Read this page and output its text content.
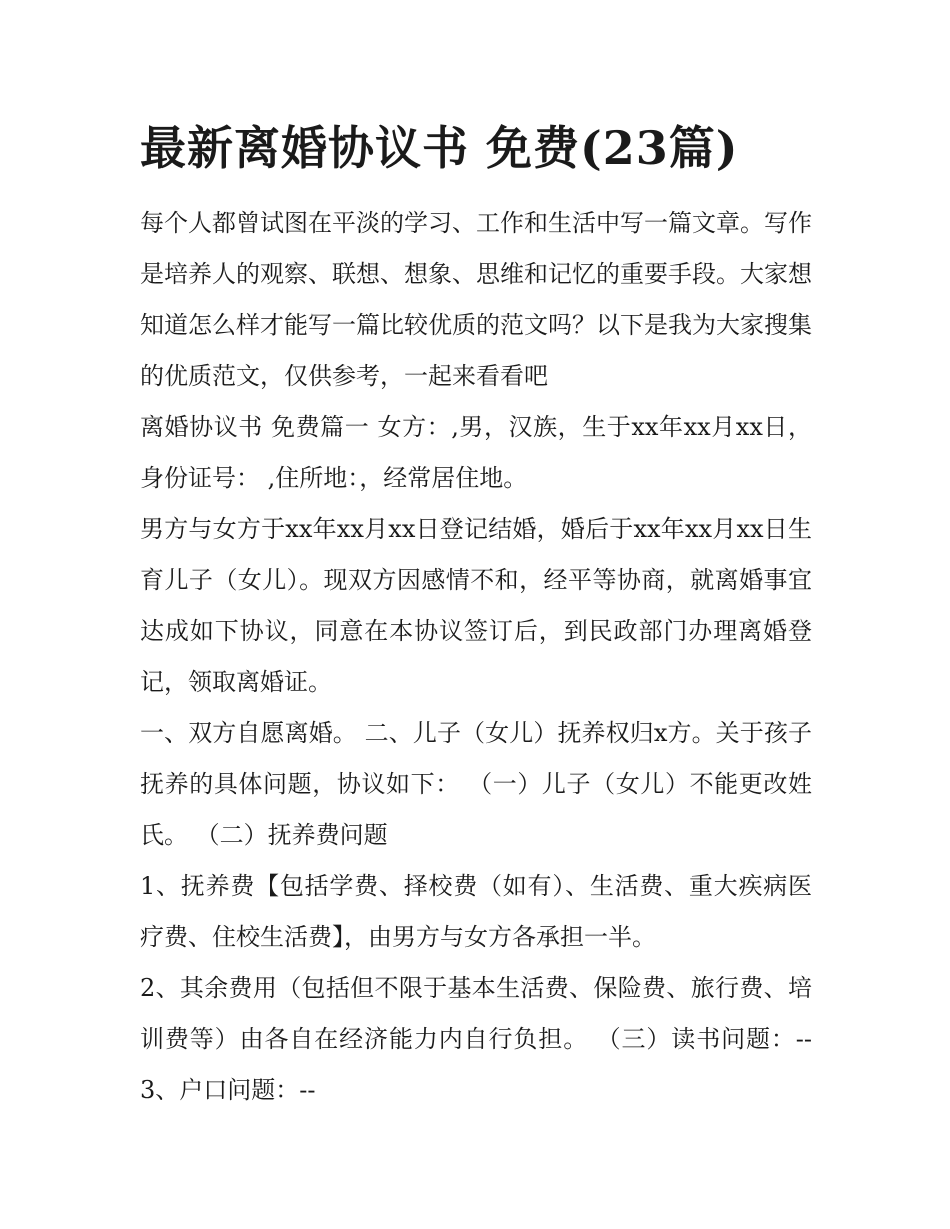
最新离婚协议书 免费(23篇)

每个人都曾试图在平淡的学习、工作和生活中写一篇文章。写作是培养人的观察、联想、想象、思维和记忆的重要手段。大家想知道怎么样才能写一篇比较优质的范文吗？以下是我为大家搜集的优质范文，仅供参考，一起来看看吧

离婚协议书 免费篇一 女方：,男，汉族，生于xx年xx月xx日，身份证号： ,住所地：，经常居住地。

男方与女方于xx年xx月xx日登记结婚，婚后于xx年xx月xx日生育儿子（女儿）。现双方因感情不和，经平等协商，就离婚事宜达成如下协议，同意在本协议签订后，到民政部门办理离婚登记，领取离婚证。

一、双方自愿离婚。 二、儿子（女儿）抚养权归x方。关于孩子抚养的具体问题，协议如下： （一）儿子（女儿）不能更改姓氏。 （二）抚养费问题

1、抚养费【包括学费、择校费（如有）、生活费、重大疾病医疗费、住校生活费】，由男方与女方各承担一半。

2、其余费用（包括但不限于基本生活费、保险费、旅行费、培训费等）由各自在经济能力内自行负担。 （三）读书问题：--3、户口问题：--
